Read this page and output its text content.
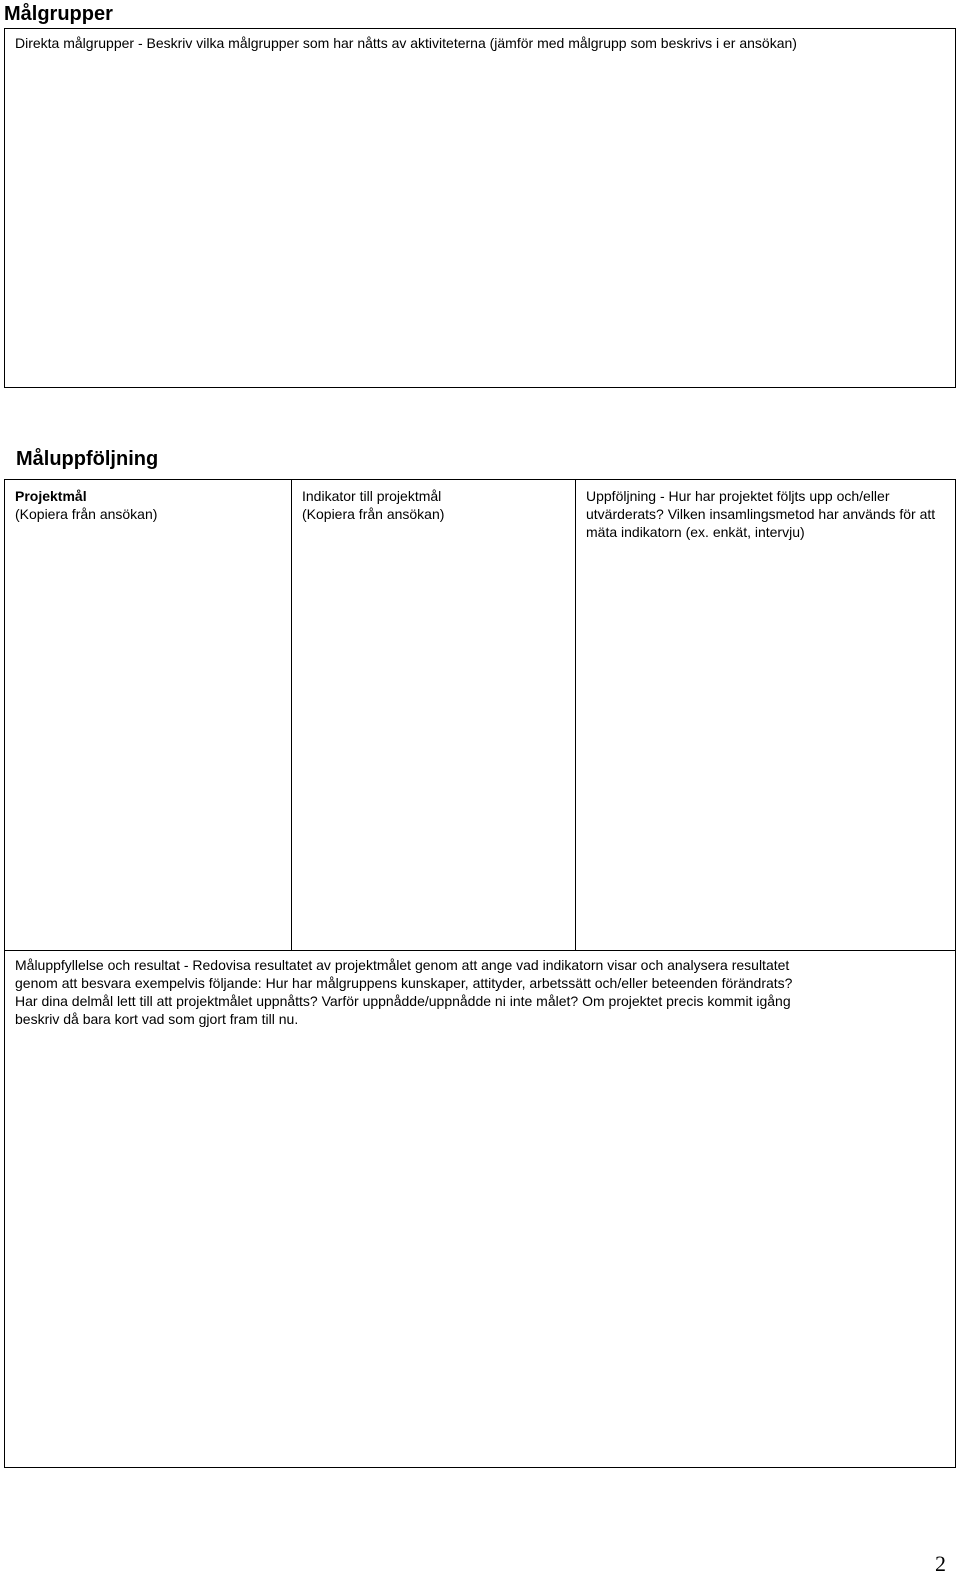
Målgrupper
Direkta målgrupper - Beskriv vilka målgrupper som har nåtts av aktiviteterna (jämför med målgrupp som beskrivs i er ansökan)
Måluppföljning
Projektmål
(Kopiera från ansökan)
Indikator till projektmål
(Kopiera från ansökan)
Uppföljning - Hur har projektet följts upp och/eller utvärderats? Vilken insamlingsmetod har används för att mäta indikatorn (ex. enkät, intervju)
Måluppfyllelse och resultat - Redovisa resultatet av projektmålet genom att ange vad indikatorn visar och analysera resultatet
genom att besvara exempelvis följande: Hur har målgruppens kunskaper, attityder, arbetssätt och/eller beteenden förändrats?
Har dina delmål lett till att projektmålet uppnåtts? Varför uppnådde/uppnådde ni inte målet? Om projektet precis kommit igång
beskriv då bara kort vad som gjort fram till nu.
2
